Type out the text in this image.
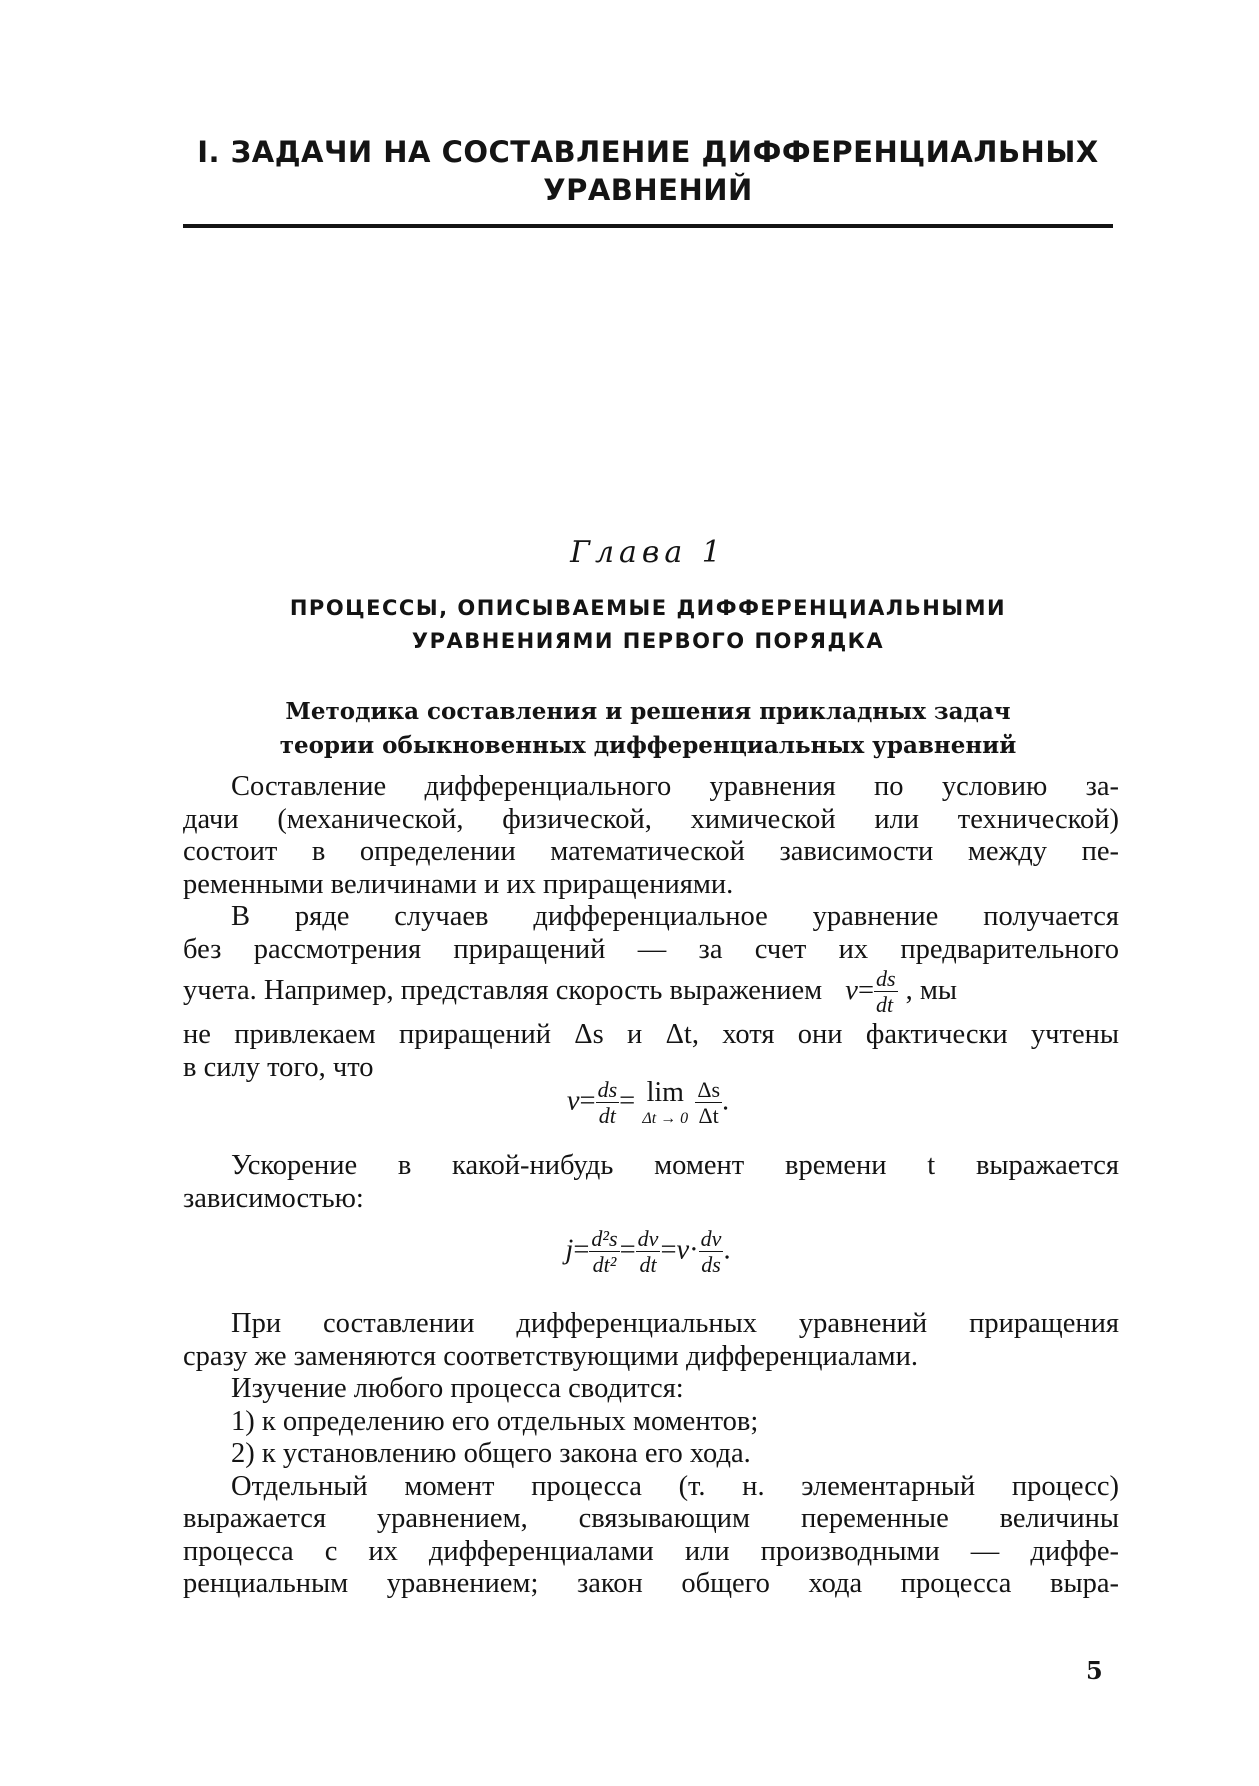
I. ЗАДАЧИ НА СОСТАВЛЕНИЕ ДИФФЕРЕНЦИАЛЬНЫХ
УРАВНЕНИЙ
Глава 1
ПРОЦЕССЫ, ОПИСЫВАЕМЫЕ ДИФФЕРЕНЦИАЛЬНЫМИ
УРАВНЕНИЯМИ ПЕРВОГО ПОРЯДКА
Методика составления и решения прикладных задач
теории обыкновенных дифференциальных уравнений
Составление дифференциального уравнения по условию за-
дачи (механической, физической, химической или технической)
состоит в определении математической зависимости между пе-
ременными величинами и их приращениями.
В ряде случаев дифференциальное уравнение получается
без рассмотрения приращений — за счет их предварительного
учета. Например, представляя скорость выражением $v= \frac{ds}{dt}$ , мы
не привлекаем приращений Δs и Δt, хотя они фактически учтены
в силу того, что
$v= \frac{ds}{dt} = \lim$
Δt → 0
$\frac{\Delta s}{\Delta t}$ .
Ускорение в какой-нибудь момент времени t выражается
зависимостью:
$j= \frac{\text{d²s}}{\text{dt²}} = \frac{dv}{dt} =v\cdot \frac{dv}{ds}$ .
При составлении дифференциальных уравнений приращения
сразу же заменяются соответствующими дифференциалами.
Изучение любого процесса сводится:
1) к определению его отдельных моментов;
2) к установлению общего закона его хода.
Отдельный момент процесса (т. н. элементарный процесс)
выражается уравнением, связывающим переменные величины
процесса с их дифференциалами или производными — диффе-
ренциальным уравнением; закон общего хода процесса выра-
5
